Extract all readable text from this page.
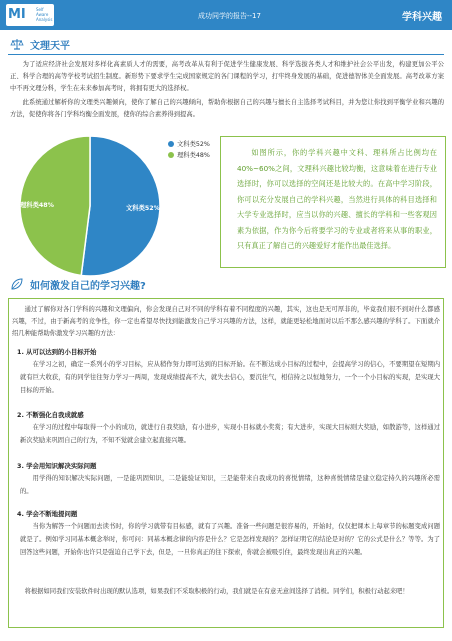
MI	Self Aware
Analysis	成功同学的报告--17	学科兴趣
文理天平

为了适应经济社会发展对多样化高素质人才的需要，高考改革从有利于促进学生健康发展、科学选拔各类人才和维护社会公平出发，构建更加公平公正、科学合理的高等学校考试招生制度。新形势下要求学生完成国家规定的各门课程的学习，打牢终身发展的基础，促进德智体美全面发展。高考改革方案中不再文理分科，学生在未来参加高考时，将拥有更大的选择权。

此系统通过解析你的文理类兴趣倾向，使你了解自己的兴趣倾向，帮助你根据自己的兴趣与擅长自主选择考试科目，并为您让你找到平衡学业和兴趣的方法，促使你将各门学科均衡全面发展，使你的综合素养得到提高。

文科类52%
理科类48%
理科类48%	文科类52%

如图所示，你的学科兴趣中文科、理科所占比例均在40%~60%之间，文理科兴趣比较均衡，这意味着在进行专业选择时，你可以选择的空间还是比较大的。在高中学习阶段，你可以充分发展自己的学科兴趣，当然进行具体的科目选择和大学专业选择时，应当以你的兴趣、擅长的学科和一些客观因素为依据，作为你今后将要学习的专业或者将来从事的职业，只有真正了解自己的兴趣爱好才能作出最佳选择。

如何激发自己的学习兴趣?

通过了解你对各门学科的兴趣和文理偏向，你会发现自己对不同的学科有着不同程度的兴趣，其实，这也是无可厚非的，毕竟我们很不到对什么都感兴趣，不过，由于新高考的竞争性，你一定也希望尽快找到能激发自己学习兴趣的方法，这样，就能更轻松地面对以后不那么感兴趣的学科了。下面就介绍几种能帮助你激发学习兴趣的方法：

1. 从可以达到的小目标开始

在学习之初，确定一系列小的学习目标，应从稍作努力即可达到的目标开始。在不断达成小目标的过程中，会提高学习的信心，不要期望在短期内就有巨大收获，有的同学往往努力学习一两周，发现成绩提高不大，就失去信心，要沉住气，相信持之以恒地努力，一个一个小目标的实现，是实现大目标的开始。

2. 不断强化自我成就感

在学习的过程中每取得一个小的成功，就进行自我奖励，有小进步，实现小目标就小奖赏；有大进步，实现大目标则大奖励，如散游等，这样通过新次奖励来巩固自己的行为，不知不觉就会建立起直接兴趣。

3. 学会用知识解决实际问题

用学得的知识解决实际问题，一是能巩固知识，二是能验证知识，三是能带来自我成功的喜悦情绪，这种喜悦情绪是建立稳定持久的兴趣所必需的。

4. 学会不断地提问题

当你为解答一个问题而去读书时，你的学习就带有目标感，就有了兴趣。准备一些问题是很容易的，开始时，仅仅把课本上每章节的标题变成问题就是了。例如学习同基本概念举时，你可问：同基本概念律的内容是什么？它是怎样发现的？怎样证明它的结论是对的？它的公式是什么？等等。为了回答这些问题，开始你也许只是强迫自己学下去，但是，一旦你真正的往下探索，你就会被吸引住，最终发现出真正的兴趣。

将根据如同我们安装软件时出现的默认选项，如果我们不采取积极的行动，我们就是在有意无意间选择了消极。同学们，积极行动起来吧！
